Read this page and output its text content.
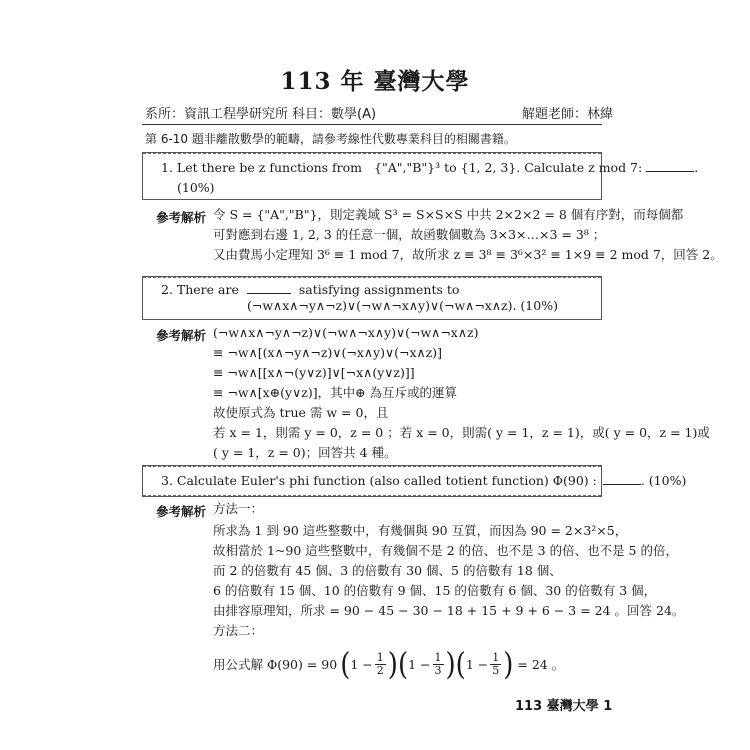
113 年 臺灣大學
系所：資訊工程學研究所 科目：數學(A)	解題老師：林緯
第 6-10 題非離散數學的範疇，請參考線性代數專業科目的相關書籍。
1. Let there be z functions from {"A","B"}³ to {1, 2, 3}. Calculate z mod 7:	.
(10%)
參考解析 令 S = {"A","B"}，則定義域 S³ = S×S×S 中共 2×2×2 = 8 個有序對，而每個都
可對應到右邊 1, 2, 3 的任意一個，故函數個數為 3×3×…×3 = 3⁸ ；
又由費馬小定理知 3⁶ ≡ 1 mod 7，故所求 z ≡ 3⁸ ≡ 3⁶×3² ≡ 1×9 ≡ 2 mod 7，回答 2。
2. There are	satisfying assignments to
(¬w∧x∧¬y∧¬z)∨(¬w∧¬x∧y)∨(¬w∧¬x∧z). (10%)
參考解析 (¬w∧x∧¬y∧¬z)∨(¬w∧¬x∧y)∨(¬w∧¬x∧z)
≡ ¬w∧[(x∧¬y∧¬z)∨(¬x∧y)∨(¬x∧z)]
≡ ¬w∧[[x∧¬(y∨z)]∨[¬x∧(y∨z)]]
≡ ¬w∧[x⊕(y∨z)]，其中⊕ 為互斥或的運算
故使原式為 true 需 w = 0，且
若 x = 1，則需 y = 0，z = 0 ；若 x = 0，則需( y = 1，z = 1)，或( y = 0，z = 1)或
( y = 1，z = 0)；回答共 4 種。
3. Calculate Euler's phi function (also called totient function) Φ(90) :	. (10%)
參考解析 方法一：
所求為 1 到 90 這些整數中，有幾個與 90 互質，而因為 90 = 2×3²×5，
故相當於 1~90 這些整數中，有幾個不是 2 的倍、也不是 3 的倍、也不是 5 的倍，
而 2 的倍數有 45 個、3 的倍數有 30 個、5 的倍數有 18 個、
6 的倍數有 15 個、10 的倍數有 9 個、15 的倍數有 6 個、30 的倍數有 3 個，
由排容原理知，所求 = 90 − 45 − 30 − 18 + 15 + 9 + 6 − 3 = 24 。回答 24。
方法二：
用公式解 Φ(90) = 90 ( $1 - \frac{1}{2}$ ) ( $1 - \frac{1}{3}$ ) ( $1 - \frac{1}{5}$ ) = 24 。
113 臺灣大學 1
